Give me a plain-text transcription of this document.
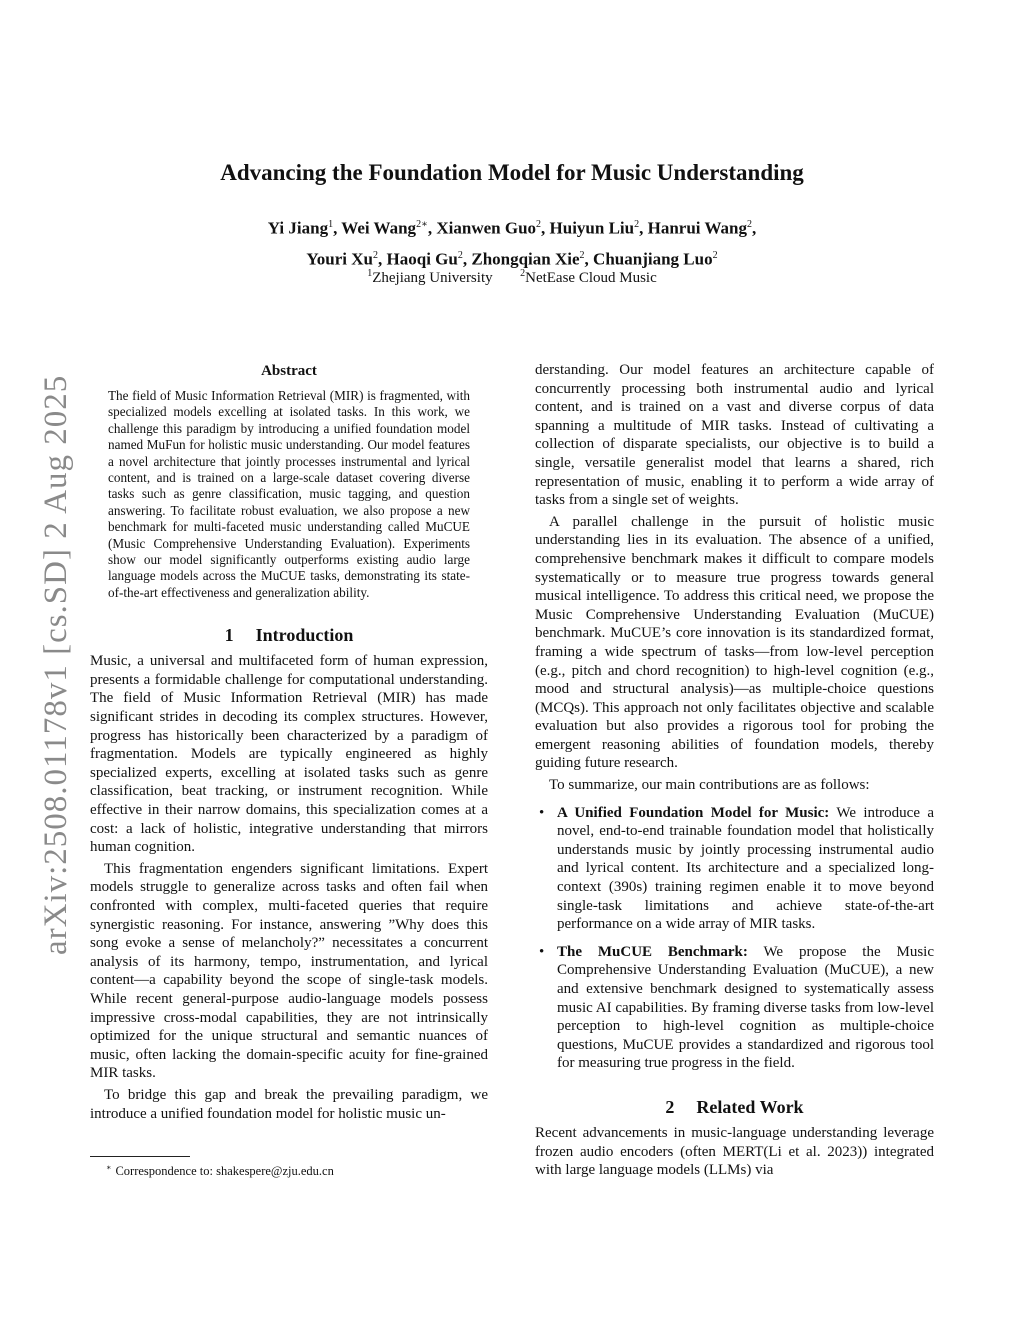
Advancing the Foundation Model for Music Understanding
Yi Jiang$^1$, Wei Wang$^{2∗}$, Xianwen Guo$^2$, Huiyun Liu$^2$, Hanrui Wang$^2$,
Youri Xu$^2$, Haoqi Gu$^2$, Zhongqian Xie$^2$, Chuanjiang Luo$^2$
$^1$Zhejiang University	$^2$NetEase Cloud Music
arXiv:2508.01178v1 [cs.SD] 2 Aug 2025
Abstract

The field of Music Information Retrieval (MIR) is fragmented, with specialized models excelling at isolated tasks. In this work, we challenge this paradigm by introducing a unified foundation model named MuFun for holistic music understanding. Our model features a novel architecture that jointly processes instrumental and lyrical content, and is trained on a large-scale dataset covering diverse tasks such as genre classification, music tagging, and question answering. To facilitate robust evaluation, we also propose a new benchmark for multi-faceted music understanding called MuCUE (Music Comprehensive Understanding Evaluation). Experiments show our model significantly outperforms existing audio large language models across the MuCUE tasks, demonstrating its state-of-the-art effectiveness and generalization ability.

1 Introduction

Music, a universal and multifaceted form of human expression, presents a formidable challenge for computational understanding. The field of Music Information Retrieval (MIR) has made significant strides in decoding its complex structures. However, progress has historically been characterized by a paradigm of fragmentation. Models are typically engineered as highly specialized experts, excelling at isolated tasks such as genre classification, beat tracking, or instrument recognition. While effective in their narrow domains, this specialization comes at a cost: a lack of holistic, integrative understanding that mirrors human cognition.

This fragmentation engenders significant limitations. Expert models struggle to generalize across tasks and often fail when confronted with complex, multi-faceted queries that require synergistic reasoning. For instance, answering ”Why does this song evoke a sense of melancholy?” necessitates a concurrent analysis of its harmony, tempo, instrumentation, and lyrical content—a capability beyond the scope of single-task models. While recent general-purpose audio-language models possess impressive cross-modal capabilities, they are not intrinsically optimized for the unique structural and semantic nuances of music, often lacking the domain-specific acuity for fine-grained MIR tasks.

To bridge this gap and break the prevailing paradigm, we introduce a unified foundation model for holistic music un-

∗ Correspondence to: shakespere@zju.edu.cn

derstanding. Our model features an architecture capable of concurrently processing both instrumental audio and lyrical content, and is trained on a vast and diverse corpus of data spanning a multitude of MIR tasks. Instead of cultivating a collection of disparate specialists, our objective is to build a single, versatile generalist model that learns a shared, rich representation of music, enabling it to perform a wide array of tasks from a single set of weights.

A parallel challenge in the pursuit of holistic music understanding lies in its evaluation. The absence of a unified, comprehensive benchmark makes it difficult to compare models systematically or to measure true progress towards general musical intelligence. To address this critical need, we propose the Music Comprehensive Understanding Evaluation (MuCUE) benchmark. MuCUE’s core innovation is its standardized format, framing a wide spectrum of tasks—from low-level perception (e.g., pitch and chord recognition) to high-level cognition (e.g., mood and structural analysis)—as multiple-choice questions (MCQs). This approach not only facilitates objective and scalable evaluation but also provides a rigorous tool for probing the emergent reasoning abilities of foundation models, thereby guiding future research.

To summarize, our main contributions are as follows:

• A Unified Foundation Model for Music: We introduce a novel, end-to-end trainable foundation model that holistically understands music by jointly processing instrumental audio and lyrical content. Its architecture and a specialized long-context (390s) training regimen enable it to move beyond single-task limitations and achieve state-of-the-art performance on a wide array of MIR tasks.
• The MuCUE Benchmark: We propose the Music Comprehensive Understanding Evaluation (MuCUE), a new and extensive benchmark designed to systematically assess music AI capabilities. By framing diverse tasks from low-level perception to high-level cognition as multiple-choice questions, MuCUE provides a standardized and rigorous tool for measuring true progress in the field.
2 Related Work

Recent advancements in music-language understanding leverage frozen audio encoders (often MERT(Li et al. 2023)) integrated with large language models (LLMs) via
